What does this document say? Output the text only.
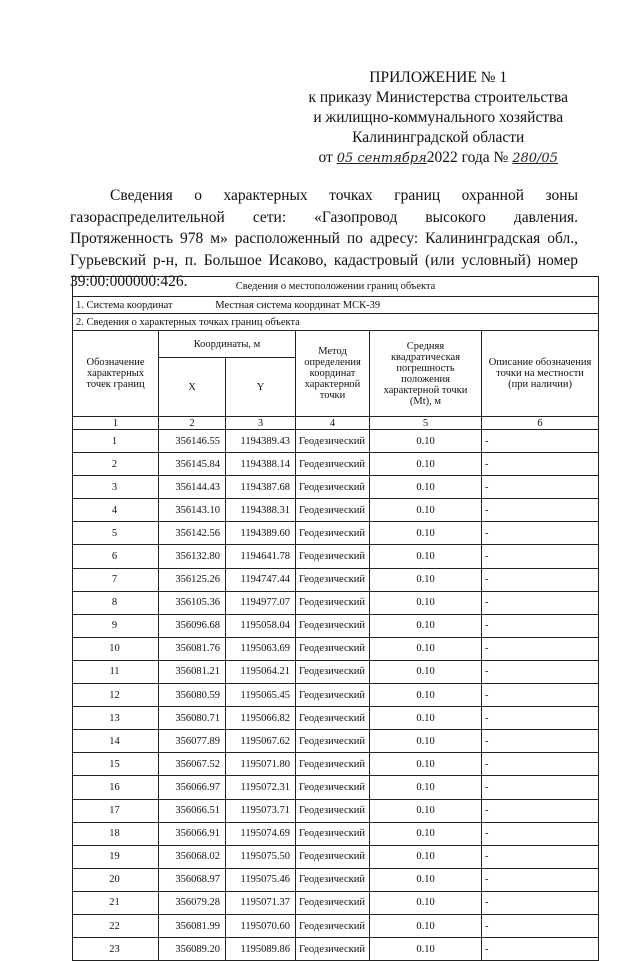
ПРИЛОЖЕНИЕ № 1
к приказу Министерства строительства
и жилищно-коммунального хозяйства
Калининградской области
от 05 сентября2022 года № 280/05
Сведения о характерных точках границ охранной зоны газораспределительной сети: «Газопровод высокого давления. Протяженность 978 м» расположенный по адресу: Калининградская обл., Гурьевский р-н, п. Большое Исаково, кадастровый (или условный) номер 39:00:000000:426.	Сведения о местоположении границ объекта					
1. Система координат Местная система координат МСК-39					
2. Сведения о характерных точках границ объекта					
Обозначение характерных точек границ	Координаты, м		Метод определения координат характерной точки	Средняя квадратическая погрешность положения характерной точки (Mt), м	Описание обозначения точки на местности (при наличии)
	X	Y			
1	2	3	4	5	6
1	356146.55	1194389.43	Геодезический	0.10	-
2	356145.84	1194388.14	Геодезический	0.10	-
3	356144.43	1194387.68	Геодезический	0.10	-
4	356143.10	1194388.31	Геодезический	0.10	-
5	356142.56	1194389.60	Геодезический	0.10	-
6	356132.80	1194641.78	Геодезический	0.10	-
7	356125.26	1194747.44	Геодезический	0.10	-
8	356105.36	1194977.07	Геодезический	0.10	-
9	356096.68	1195058.04	Геодезический	0.10	-
10	356081.76	1195063.69	Геодезический	0.10	-
11	356081.21	1195064.21	Геодезический	0.10	-
12	356080.59	1195065.45	Геодезический	0.10	-
13	356080.71	1195066.82	Геодезический	0.10	-
14	356077.89	1195067.62	Геодезический	0.10	-
15	356067.52	1195071.80	Геодезический	0.10	-
16	356066.97	1195072.31	Геодезический	0.10	-
17	356066.51	1195073.71	Геодезический	0.10	-
18	356066.91	1195074.69	Геодезический	0.10	-
19	356068.02	1195075.50	Геодезический	0.10	-
20	356068.97	1195075.46	Геодезический	0.10	-
21	356079.28	1195071.37	Геодезический	0.10	-
22	356081.99	1195070.60	Геодезический	0.10	-
23	356089.20	1195089.86	Геодезический	0.10	-
